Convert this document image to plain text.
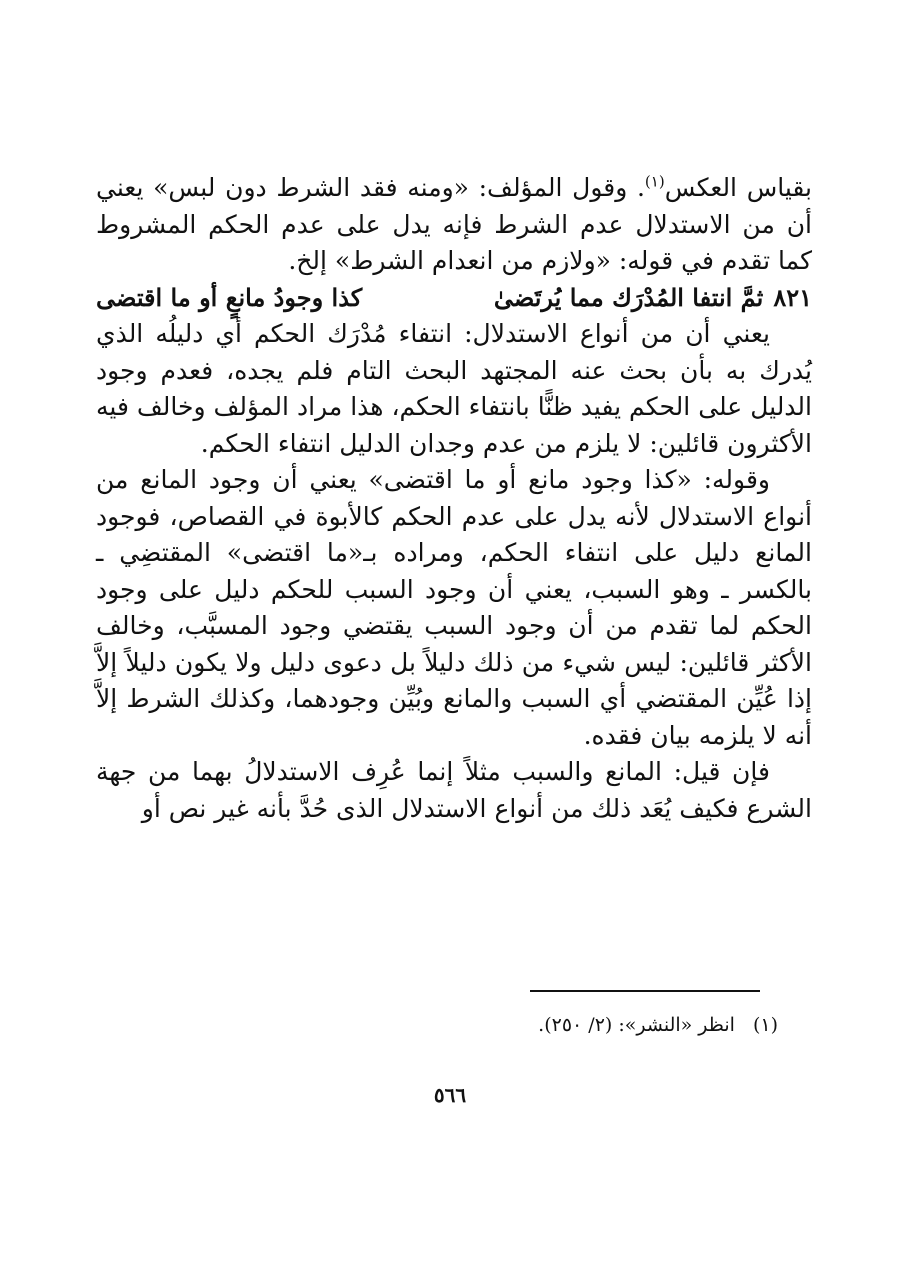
بقياس العكس$^{(١)}$. وقول المؤلف: «ومنه فقد الشرط دون لبس» يعني أن من الاستدلال عدم الشرط فإنه يدل على عدم الحكم المشروط كما تقدم في قوله: «ولازم من انعدام الشرط» إلخ.

٨٢١ثمَّ انتفا المُدْرَك مما يُرتَضىٰ
كذا وجودُ مانعٍ أو ما اقتضى

يعني أن من أنواع الاستدلال: انتفاء مُدْرَك الحكم أي دليلُه الذي يُدرك به بأن بحث عنه المجتهد البحث التام فلم يجده، فعدم وجود الدليل على الحكم يفيد ظنًّا بانتفاء الحكم، هذا مراد المؤلف وخالف فيه الأكثرون قائلين: لا يلزم من عدم وجدان الدليل انتفاء الحكم.

وقوله: «كذا وجود مانع أو ما اقتضى» يعني أن وجود المانع من أنواع الاستدلال لأنه يدل على عدم الحكم كالأبوة في القصاص، فوجود المانع دليل على انتفاء الحكم، ومراده بـ«ما اقتضى» المقتضِي ـ بالكسر ـ وهو السبب، يعني أن وجود السبب للحكم دليل على وجود الحكم لما تقدم من أن وجود السبب يقتضي وجود المسبَّب، وخالف الأكثر قائلين: ليس شيء من ذلك دليلاً بل دعوى دليل ولا يكون دليلاً إلاَّ إذا عُيِّن المقتضي أي السبب والمانع وبُيِّن وجودهما، وكذلك الشرط إلاَّ أنه لا يلزمه بيان فقده.

فإن قيل: المانع والسبب مثلاً إنما عُرِف الاستدلالُ بهما من جهة الشرع فكيف يُعَد ذلك من أنواع الاستدلال الذى حُدَّ بأنه غير نص أو

(١)انظر «النشر»: (٢/ ٢٥٠).
٥٦٦
